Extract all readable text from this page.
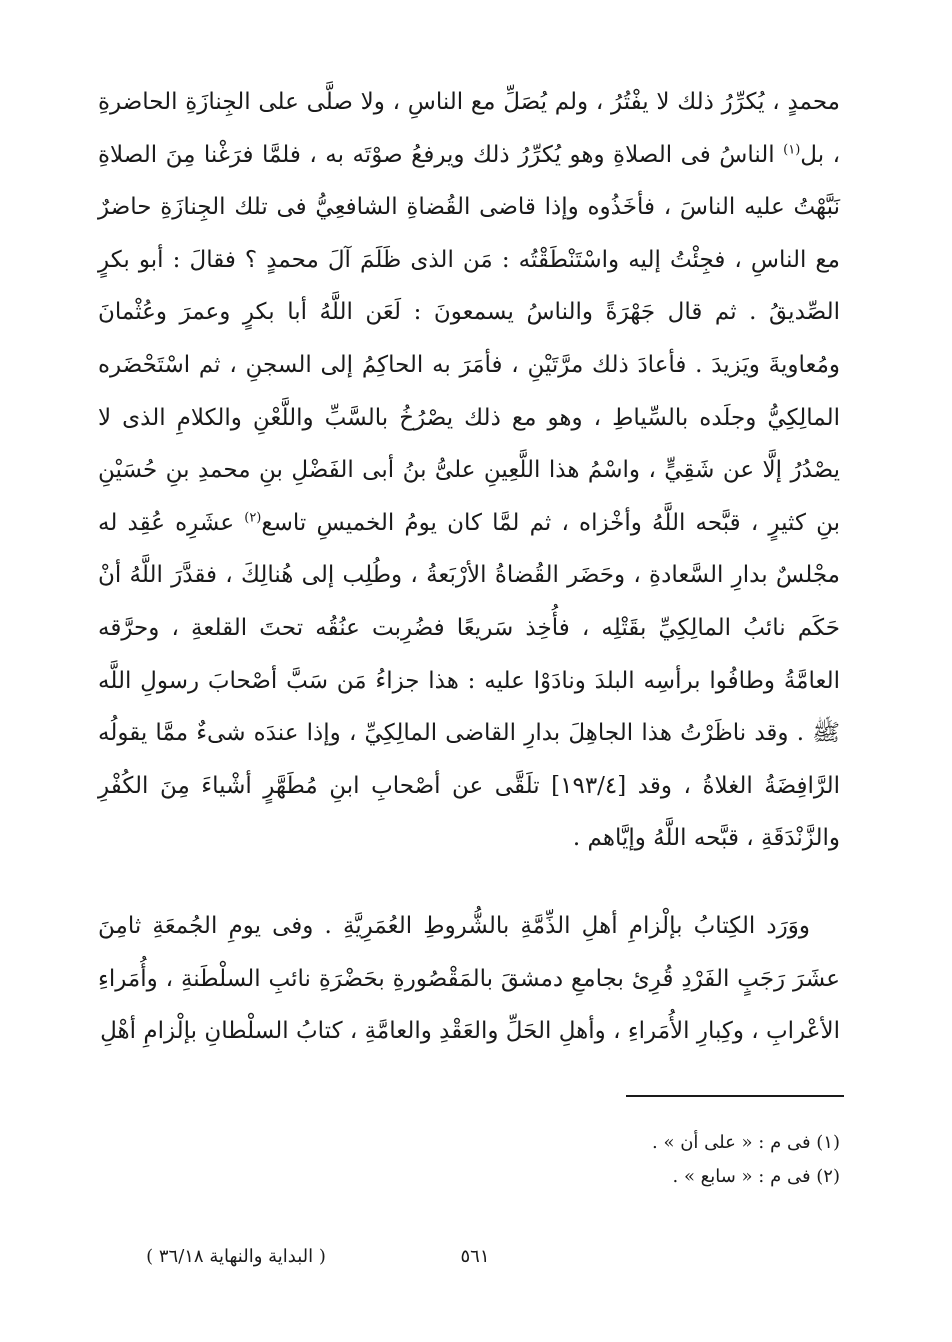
محمدٍ ، يُكرِّرُ ذلك لا يفْتُرُ ، ولم يُصَلِّ مع الناسِ ، ولا صلَّى على الجِنازَةِ الحاضرةِ ، بل$^{(١)}$ الناسُ فى الصلاةِ وهو يُكرِّرُ ذلك ويرفعُ صوْتَه به ، فلمَّا فرَغْنا مِنَ الصلاةِ نَبَّهْتُ عليه الناسَ ، فأخَذُوه وإذا قاضى القُضاةِ الشافعِيُّ فى تلك الجِنازَةِ حاضرٌ مع الناسِ ، فجِئْتُ إليه واسْتَنْطَقْتُه : مَن الذى ظَلَمَ آلَ محمدٍ ؟ فقالَ : أبو بكرٍ الصِّديقُ . ثم قال جَهْرَةً والناسُ يسمعونَ : لَعَن اللَّهُ أبا بكرٍ وعمرَ وعُثْمانَ ومُعاويةَ ويَزيدَ . فأعادَ ذلك مرَّتَيْنِ ، فأمَرَ به الحاكِمُ إلى السجنِ ، ثم اسْتَحْضَره المالِكِيُّ وجلَده بالسِّياطِ ، وهو مع ذلك يصْرُخُ بالسَّبِّ واللَّعْنِ والكلامِ الذى لا يصْدُرُ إلَّا عن شَقِيٍّ ، واسْمُ هذا اللَّعِينِ علىُّ بنُ أبى الفَضْلِ بنِ محمدِ بنِ حُسَيْنِ بنِ كثيرٍ ، قبَّحه اللَّهُ وأخْزاه ، ثم لمَّا كان يومُ الخميسِ تاسع$^{(٢)}$ عشَرِه عُقِد له مجْلسٌ بدارِ السَّعادةِ ، وحَضَر القُضاةُ الأرْبَعةُ ، وطُلِب إلى هُنالِكَ ، فقدَّرَ اللَّهُ أنْ حَكَم نائبُ المالِكِيِّ بقَتْلِه ، فأُخِذ سَريعًا فضُرِبت عنُقُه تحتَ القلعةِ ، وحرَّقه العامَّةُ وطافُوا برأسِه البلدَ ونادَوْا عليه : هذا جزاءُ مَن سَبَّ أصْحابَ رسولِ اللَّه ﷺ . وقد ناظَرْتُ هذا الجاهِلَ بدارِ القاضى المالِكِيِّ ، وإذا عندَه شىءٌ ممَّا يقولُه الرَّافِضَةُ الغلاةُ ، وقد [١٩٣/٤] تلَقَّى عن أصْحابِ ابنِ مُطَهَّرٍ أشْياءَ مِنَ الكُفْرِ والزَّنْدَقَةِ ، قبَّحه اللَّهُ وإيَّاهم .

ووَرَد الكِتابُ بإلْزامِ أهلِ الذِّمَّةِ بالشُّروطِ العُمَرِيَّةِ . وفى يومِ الجُمعَةِ ثامِنَ عشَرَ رَجَبٍ الفَرْدِ قُرِئ بجامعِ دمشقَ بالمَقْصُورةِ بحَضْرَةِ نائبِ السلْطَنةِ ، وأُمَراءِ الأعْرابِ ، وكِبارِ الأُمَراءِ ، وأهلِ الحَلِّ والعَقْدِ والعامَّةِ ، كتابُ السلْطانِ بإلْزامِ أهْلِ

(١) فى م : « على أن » .
(٢) فى م : « سابع » .
٥٦١
( البداية والنهاية ٣٦/١٨ )
